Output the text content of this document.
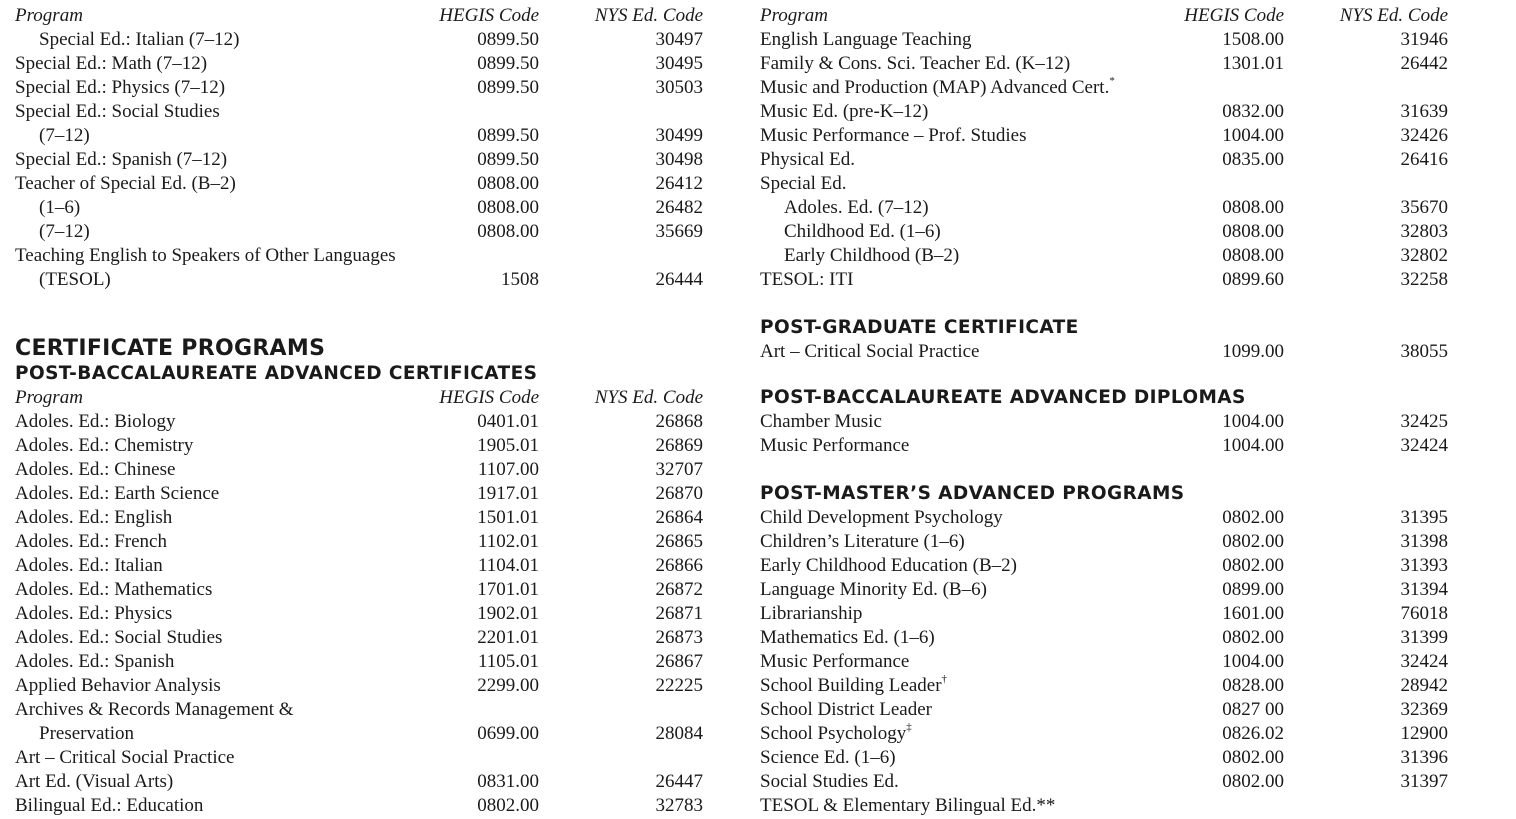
Program	HEGIS Code	NYS Ed. Code
Special Ed.: Italian (7–12)	0899.50	30497
Special Ed.: Math (7–12)	0899.50	30495
Special Ed.: Physics (7–12)	0899.50	30503
Special Ed.: Social Studies
(7–12)	0899.50	30499
Special Ed.: Spanish (7–12)	0899.50	30498
Teacher of Special Ed. (B–2)	0808.00	26412
(1–6)	0808.00	26482
(7–12)	0808.00	35669
Teaching English to Speakers of Other Languages
(TESOL)	1508	26444
CERTIFICATE PROGRAMS
POST-BACCALAUREATE ADVANCED CERTIFICATES
Program	HEGIS Code	NYS Ed. Code
Adoles. Ed.: Biology	0401.01	26868
Adoles. Ed.: Chemistry	1905.01	26869
Adoles. Ed.: Chinese	1107.00	32707
Adoles. Ed.: Earth Science	1917.01	26870
Adoles. Ed.: English	1501.01	26864
Adoles. Ed.: French	1102.01	26865
Adoles. Ed.: Italian	1104.01	26866
Adoles. Ed.: Mathematics	1701.01	26872
Adoles. Ed.: Physics	1902.01	26871
Adoles. Ed.: Social Studies	2201.01	26873
Adoles. Ed.: Spanish	1105.01	26867
Applied Behavior Analysis	2299.00	22225
Archives & Records Management &
Preservation	0699.00	28084
Art – Critical Social Practice
Art Ed. (Visual Arts)	0831.00	26447
Bilingual Ed.: Education	0802.00	32783
Program	HEGIS Code	NYS Ed. Code
English Language Teaching	1508.00	31946
Family & Cons. Sci. Teacher Ed. (K–12)	1301.01	26442
Music and Production (MAP) Advanced Cert.*
Music Ed. (pre-K–12)	0832.00	31639
Music Performance – Prof. Studies	1004.00	32426
Physical Ed.	0835.00	26416
Special Ed.
Adoles. Ed. (7–12)	0808.00	35670
Childhood Ed. (1–6)	0808.00	32803
Early Childhood (B–2)	0808.00	32802
TESOL: ITI	0899.60	32258
POST-GRADUATE CERTIFICATE
Art – Critical Social Practice	1099.00	38055
POST-BACCALAUREATE ADVANCED DIPLOMAS
Chamber Music	1004.00	32425
Music Performance	1004.00	32424
POST-MASTER’S ADVANCED PROGRAMS
Child Development Psychology	0802.00	31395
Children’s Literature (1–6)	0802.00	31398
Early Childhood Education (B–2)	0802.00	31393
Language Minority Ed. (B–6)	0899.00	31394
Librarianship	1601.00	76018
Mathematics Ed. (1–6)	0802.00	31399
Music Performance	1004.00	32424
School Building Leader†	0828.00	28942
School District Leader	0827 00	32369
School Psychology‡	0826.02	12900
Science Ed. (1–6)	0802.00	31396
Social Studies Ed.	0802.00	31397
TESOL & Elementary Bilingual Ed.**
